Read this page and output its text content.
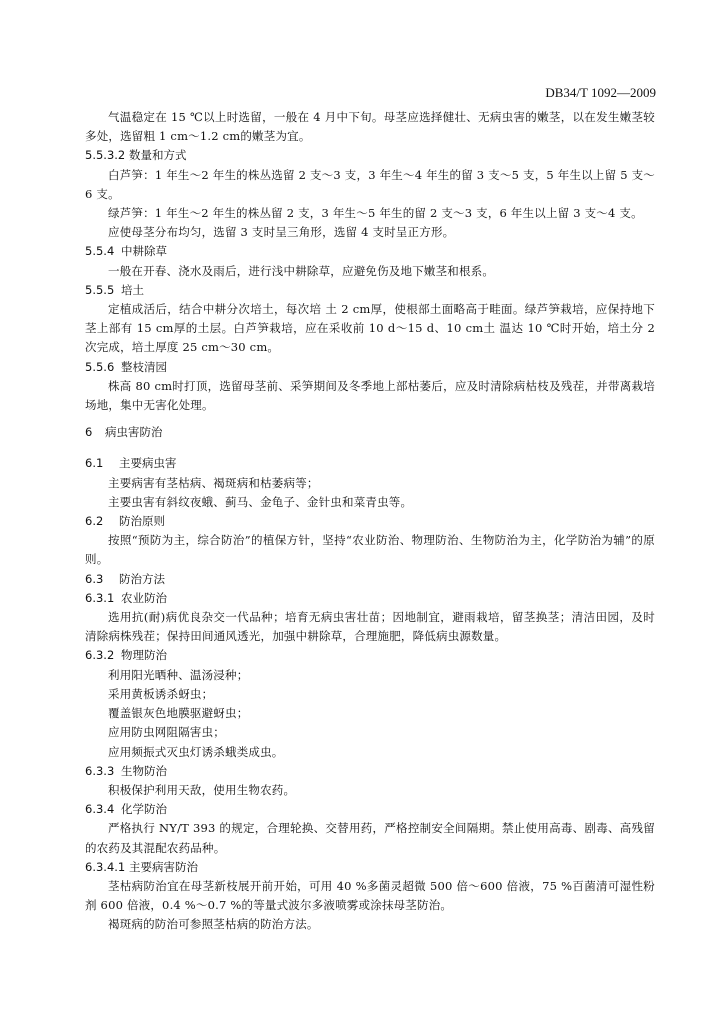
DB34/T 1092—2009

气温稳定在 15 ℃以上时选留，一般在 4 月中下旬。母茎应选择健壮、无病虫害的嫩茎，以在发生嫩茎较多处，选留粗 1 cm～1.2 cm的嫩茎为宜。

5.5.3.2 数量和方式

白芦笋：1 年生～2 年生的株丛选留 2 支～3 支，3 年生～4 年生的留 3 支～5 支，5 年生以上留 5 支～6 支。

绿芦笋：1 年生～2 年生的株丛留 2 支，3 年生～5 年生的留 2 支～3 支，6 年生以上留 3 支～4 支。

应使母茎分布均匀，选留 3 支时呈三角形，选留 4 支时呈正方形。

5.5.4 中耕除草

一般在开春、浇水及雨后，进行浅中耕除草，应避免伤及地下嫩茎和根系。

5.5.5 培土

定植成活后，结合中耕分次培土，每次培 土 2 cm厚，使根部土面略高于畦面。绿芦笋栽培，应保持地下茎上部有 15 cm厚的土层。白芦笋栽培，应在采收前 10 d～15 d、10 cm土 温达 10 ℃时开始，培土分 2 次完成，培土厚度 25 cm～30 cm。

5.5.6 整枝清园

株高 80 cm时打顶，选留母茎前、采笋期间及冬季地上部枯萎后，应及时清除病枯枝及残茬，并带离栽培场地，集中无害化处理。

6 病虫害防治
6.1 主要病虫害

主要病害有茎枯病、褐斑病和枯萎病等；

主要虫害有斜纹夜蛾、蓟马、金龟子、金针虫和菜青虫等。

6.2 防治原则

按照“预防为主，综合防治”的植保方针，坚持“农业防治、物理防治、生物防治为主，化学防治为辅”的原则。

6.3 防治方法
6.3.1 农业防治

选用抗(耐)病优良杂交一代品种；培育无病虫害壮苗；因地制宜，避雨栽培，留茎换茎；清洁田园，及时清除病株残茬；保持田间通风透光，加强中耕除草，合理施肥，降低病虫源数量。

6.3.2 物理防治

利用阳光晒种、温汤浸种；

采用黄板诱杀蚜虫；

覆盖银灰色地膜驱避蚜虫；

应用防虫网阻隔害虫；

应用频振式灭虫灯诱杀蛾类成虫。

6.3.3 生物防治

积极保护利用天敌，使用生物农药。

6.3.4 化学防治

严格执行 NY/T 393 的规定，合理轮换、交替用药，严格控制安全间隔期。禁止使用高毒、剧毒、高残留的农药及其混配农药品种。

6.3.4.1 主要病害防治

茎枯病防治宜在母茎新枝展开前开始，可用 40 %多菌灵超微 500 倍～600 倍液，75 %百菌清可湿性粉剂 600 倍液，0.4 %～0.7 %的等量式波尔多液喷雾或涂抹母茎防治。

褐斑病的防治可参照茎枯病的防治方法。
